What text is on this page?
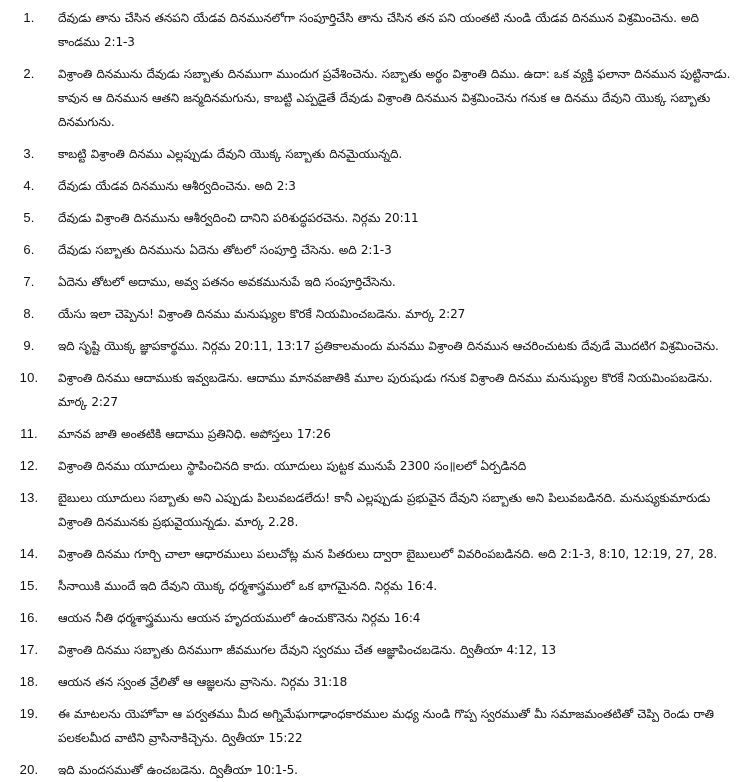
1.	దేవుడు తాను చేసిన తనపని యేడవ దినమునలోగా సంపూర్తిచేసి తాను చేసిన తన పని యంతటి నుండి యేడవ దినమున విశ్రమించెను. అది కాండము 2:1-3
2.	విశ్రాంతి దినమును దేవుడు సబ్బాతు దినముగా ముందుగ ప్రవేశించెను. సబ్బాతు అర్థం విశ్రాంతి దిము. ఉదా: ఒక వ్యక్తి ఫలానా దినమున పుట్టినాడు. కావున ఆ దినమున ఆతని జన్మదినమగును, కాబట్టి ఎప్పడైతే దేవుడు విశ్రాంతి దినమున విశ్రమించెను గనుక ఆ దినము దేవుని యొక్క సబ్బాతు దినమగును.
3.	కాబట్టి విశ్రాంతి దినము ఎల్లప్పుడు దేవుని యొక్క సబ్బాతు దినమైయున్నది.
4.	దేవుడు యేడవ దినమును ఆశీర్వదించెను. అది 2:3
5.	దేవుడు విశ్రాంతి దినమును ఆశీర్వదించి దానిని పరిశుద్ధపరచెను. నిర్గమ 20:11
6.	దేవుడు సబ్బాతు దినమును ఏదెను తోటలో సంపూర్తి చేసెను. అది 2:1-3
7.	ఏదెను తోటలో అదాము, అవ్వ పతనం అవకమునుపే ఇది సంపూర్తిచేసెను.
8.	యేసు ఇలా చెప్పెను! విశ్రాంతి దినము మనుష్యుల కొరకే నియమించబడెను. మార్క 2:27
9.	ఇది సృష్టి యొక్క జ్ఞాపకార్థము. నిర్గమ 20:11, 13:17 ప్రతికాలమందు మనము విశ్రాంతి దినమున ఆచరించుటకు దేవుడే మొదటిగ విశ్రమించెను.
10.	విశ్రాంతి దినము ఆదాముకు ఇవ్వబడెను. ఆదాము మానవజాతికి మూల పురుషుడు గనుక విశ్రాంతి దినము మనుష్యుల కొరకే నియమింపబడెను. మార్క 2:27
11.	మానవ జాతి అంతటికి ఆదాము ప్రతినిధి. అపోస్తలు 17:26
12.	విశ్రాంతి దినము యూదులు స్థాపించినది కాదు. యూదులు పుట్టక మునుపే 2300 సం॥లలో ఏర్పడినది
13.	బైబులు యూదులు సబ్బాతు అని ఎప్పుడు పిలువబడలేదు! కానీ ఎల్లప్పుడు ప్రభువైన దేవుని సబ్బాతు అని పిలువబడినది. మనుష్యకుమారుడు విశ్రాంతి దినమునకు ప్రభువైయున్నడు. మార్క 2.28.
14.	విశ్రాంతి దినము గూర్చి చాలా ఆధారములు పలుచోట్ల మన పితరులు ద్వారా బైబులులో వివరింపబడినది. అది 2:1-3, 8:10, 12:19, 27, 28.
15.	సీనాయికి ముందే ఇది దేవుని యొక్క ధర్మశాస్త్రములో ఒక భాగమైనది. నిర్గమ 16:4.
16.	ఆయన నీతి ధర్మశాస్త్రమును ఆయన హృదయములో ఉంచుకొనెను నిర్గమ 16:4
17.	విశ్రాంతి దినము సబ్బాతు దినముగా జీవముగల దేవుని స్వరము చేత ఆజ్ఞాపించబడెను. ద్వితీయా 4:12, 13
18.	ఆయన తన స్వంత వ్రేలితో ఆ ఆజ్ఞలను వ్రాసెను. నిర్గమ 31:18
19.	ఈ మాటలను యెహోవా ఆ పర్వతము మీద అగ్నిమేఘగాఢాంధకారముల మధ్య నుండి గొప్ప స్వరముతో మీ సమాజమంతటితో చెప్పి రెండు రాతి పలకలమీద వాటిని వ్రాసినాకిచ్చెను. ద్వితీయా 15:22
20.	ఇది మందసముతో ఉంచబడెను. ద్వితీయా 10:1-5.
